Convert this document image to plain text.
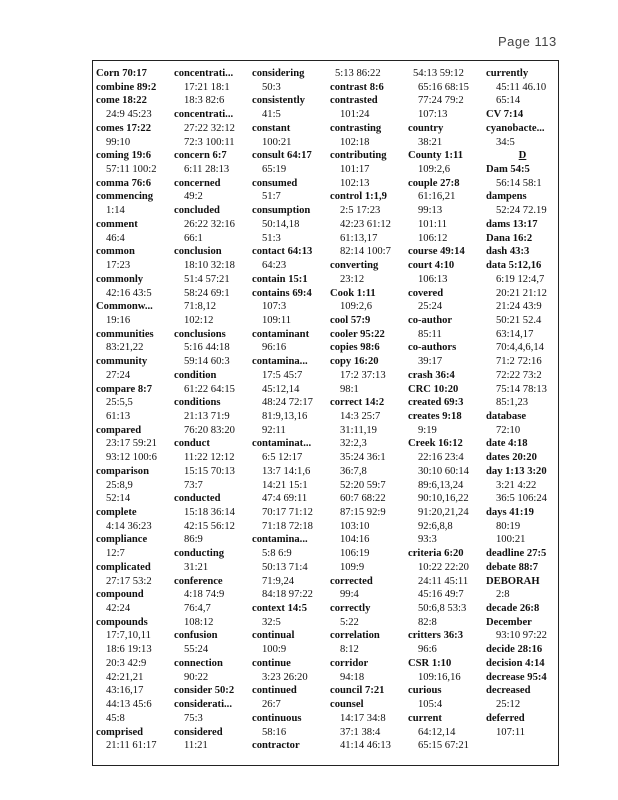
Page 113
Corn 70:17
combine 89:2
come 18:22
24:9 45:23
comes 17:22
99:10
coming 19:6
57:11 100:2
comma 76:6
commencing
1:14
comment
46:4
common
17:23
commonly
42:16 43:5
Commonw...
19:16
communities
83:21,22
community
27:24
compare 8:7
25:5,5
61:13
compared
23:17 59:21
93:12 100:6
comparison
25:8,9
52:14
complete
4:14 36:23
compliance
12:7
complicated
27:17 53:2
compound
42:24
compounds
17:7,10,11
18:6 19:13
20:3 42:9
42:21,21
43:16,17
44:13 45:6
45:8
comprised
21:11 61:17
concentrati...
17:21 18:1
18:3 82:6
concentrati...
27:22 32:12
72:3 100:11
concern 6:7
6:11 28:13
concerned
49:2
concluded
26:22 32:16
66:1
conclusion
18:10 32:18
51:4 57:21
58:24 69:1
71:8,12
102:12
conclusions
5:16 44:18
59:14 60:3
condition
61:22 64:15
conditions
21:13 71:9
76:20 83:20
conduct
11:22 12:12
15:15 70:13
73:7
conducted
15:18 36:14
42:15 56:12
86:9
conducting
31:21
conference
4:18 74:9
76:4,7
108:12
confusion
55:24
connection
90:22
consider 50:2
considerati...
75:3
considered
11:21
considering
50:3
consistently
41:5
constant
100:21
consult 64:17
65:19
consumed
51:7
consumption
50:14,18
51:3
contact 64:13
64:23
contain 15:1
contains 69:4
107:3
109:11
contaminant
96:16
contamina...
17:5 45:7
45:12,14
48:24 72:17
81:9,13,16
92:11
contaminat...
6:5 12:17
13:7 14:1,6
14:21 15:1
47:4 69:11
70:17 71:12
71:18 72:18
contamina...
5:8 6:9
50:13 71:4
71:9,24
84:18 97:22
context 14:5
32:5
continual
100:9
continue
3:23 26:20
continued
26:7
continuous
58:16
contractor
5:13 86:22
contrast 8:6
contrasted
101:24
contrasting
102:18
contributing
101:17
102:13
control 1:1,9
2:5 17:23
42:23 61:12
61:13,17
82:14 100:7
converting
23:12
Cook 1:11
109:2,6
cool 57:9
cooler 95:22
copies 98:6
copy 16:20
17:2 37:13
98:1
correct 14:2
14:3 25:7
31:11,19
32:2,3
35:24 36:1
36:7,8
52:20 59:7
60:7 68:22
87:15 92:9
103:10
104:16
106:19
109:9
corrected
99:4
correctly
5:22
correlation
8:12
corridor
94:18
council 7:21
counsel
14:17 34:8
37:1 38:4
41:14 46:13
54:13 59:12
65:16 68:15
77:24 79:2
107:13
country
38:21
County 1:11
109:2,6
couple 27:8
61:16,21
99:13
101:11
106:12
course 49:14
court 4:10
106:13
covered
25:24
co-author
85:11
co-authors
39:17
crash 36:4
CRC 10:20
created 69:3
creates 9:18
9:19
Creek 16:12
22:16 23:4
30:10 60:14
89:6,13,24
90:10,16,22
91:20,21,24
92:6,8,8
93:3
criteria 6:20
10:22 22:20
24:11 45:11
45:16 49:7
50:6,8 53:3
82:8
critters 36:3
96:6
CSR 1:10
109:16,16
curious
105:4
current
64:12,14
65:15 67:21
currently
45:11 46.10
65:14
CV 7:14
cyanobacte...
34:5
D
Dam 54:5
56:14 58:1
dampens
52:24 72.19
dams 13:17
Dana 16:2
dash 43:3
data 5:12,16
6:19 12:4,7
20:21 21:12
21:24 43:9
50:21 52.4
63:14,17
70:4,4,6,14
71:2 72:16
72:22 73:2
75:14 78:13
85:1,23
database
72:10
date 4:18
dates 20:20
day 1:13 3:20
3:21 4:22
36:5 106:24
days 41:19
80:19
100:21
deadline 27:5
debate 88:7
DEBORAH
2:8
decade 26:8
December
93:10 97:22
decide 28:16
decision 4:14
decrease 95:4
decreased
25:12
deferred
107:11
